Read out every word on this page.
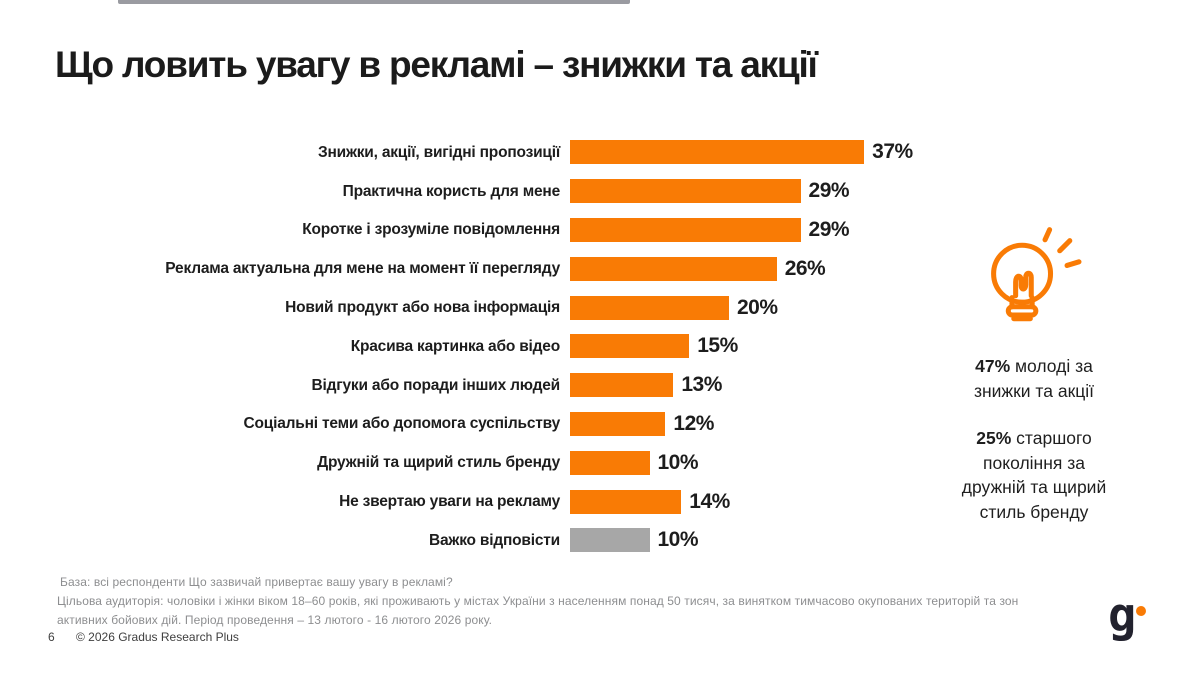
Що ловить увагу в рекламі – знижки та акції
Знижки, акції, вигідні пропозиції	37%
Практична користь для мене	29%
Коротке і зрозуміле повідомлення	29%
Реклама актуальна для мене на момент її перегляду	26%
Новий продукт або нова інформація	20%
Красива картинка або відео	15%
Відгуки або поради інших людей	13%
Соціальні теми або допомога суспільству	12%
Дружній та щирий стиль бренду	10%
Не звертаю уваги на рекламу	14%
Важко відповісти	10%

47% молоді за знижки та акції

25% старшого покоління за дружній та щирий стиль бренду

База: всі респонденти Що зазвичай привертає вашу увагу в рекламі?
Цільова аудиторія: чоловіки і жінки віком 18–60 років, які проживають у містах України з населенням понад 50 тисяч, за винятком тимчасово окупованих територій та зон
активних бойових дій. Період проведення – 13 лютого - 16 лютого 2026 року.
6 © 2026 Gradus Research Plus	g
